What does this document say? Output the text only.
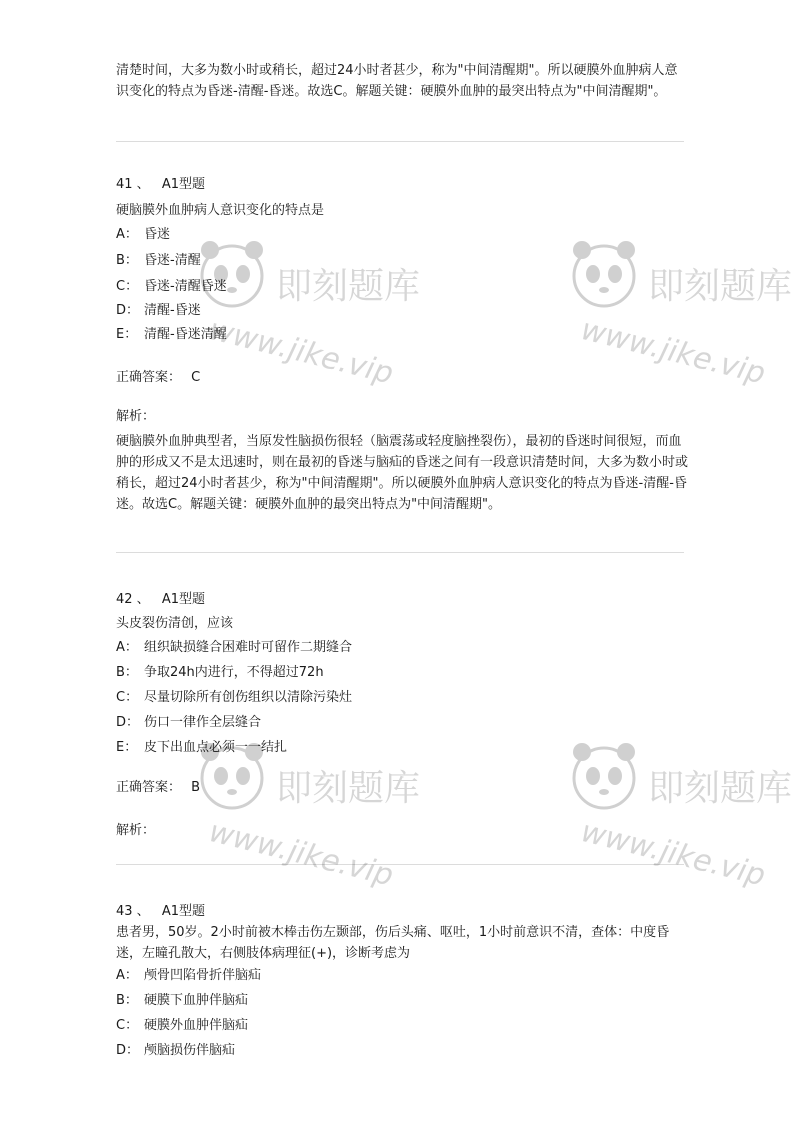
清楚时间，大多为数小时或稍长，超过24小时者甚少，称为"中间清醒期"。所以硬膜外血肿病人意识变化的特点为昏迷-清醒-昏迷。故选C。解题关键：硬膜外血肿的最突出特点为"中间清醒期"。

41 、 A1型题
硬脑膜外血肿病人意识变化的特点是
A： 昏迷
B： 昏迷-清醒
C： 昏迷-清醒昏迷
D： 清醒-昏迷
E： 清醒-昏迷清醒
正确答案： C
解析：

硬脑膜外血肿典型者，当原发性脑损伤很轻（脑震荡或轻度脑挫裂伤），最初的昏迷时间很短，而血肿的形成又不是太迅速时，则在最初的昏迷与脑疝的昏迷之间有一段意识清楚时间，大多为数小时或稍长，超过24小时者甚少，称为"中间清醒期"。所以硬膜外血肿病人意识变化的特点为昏迷-清醒-昏迷。故选C。解题关键：硬膜外血肿的最突出特点为"中间清醒期"。

42 、 A1型题
头皮裂伤清创，应该
A： 组织缺损缝合困难时可留作二期缝合
B： 争取24h内进行，不得超过72h
C： 尽量切除所有创伤组织以清除污染灶
D： 伤口一律作全层缝合
E： 皮下出血点必须一一结扎
正确答案： B
解析：
43 、 A1型题

患者男，50岁。2小时前被木棒击伤左颞部，伤后头痛、呕吐，1小时前意识不清，查体：中度昏迷，左瞳孔散大，右侧肢体病理征(+)，诊断考虑为

A： 颅骨凹陷骨折伴脑疝
B： 硬膜下血肿伴脑疝
C： 硬膜外血肿伴脑疝
D： 颅脑损伤伴脑疝
即刻题库
www.jike.vip
即刻题库
www.jike.vip
即刻题库
www.jike.vip
即刻题库
www.jike.vip
